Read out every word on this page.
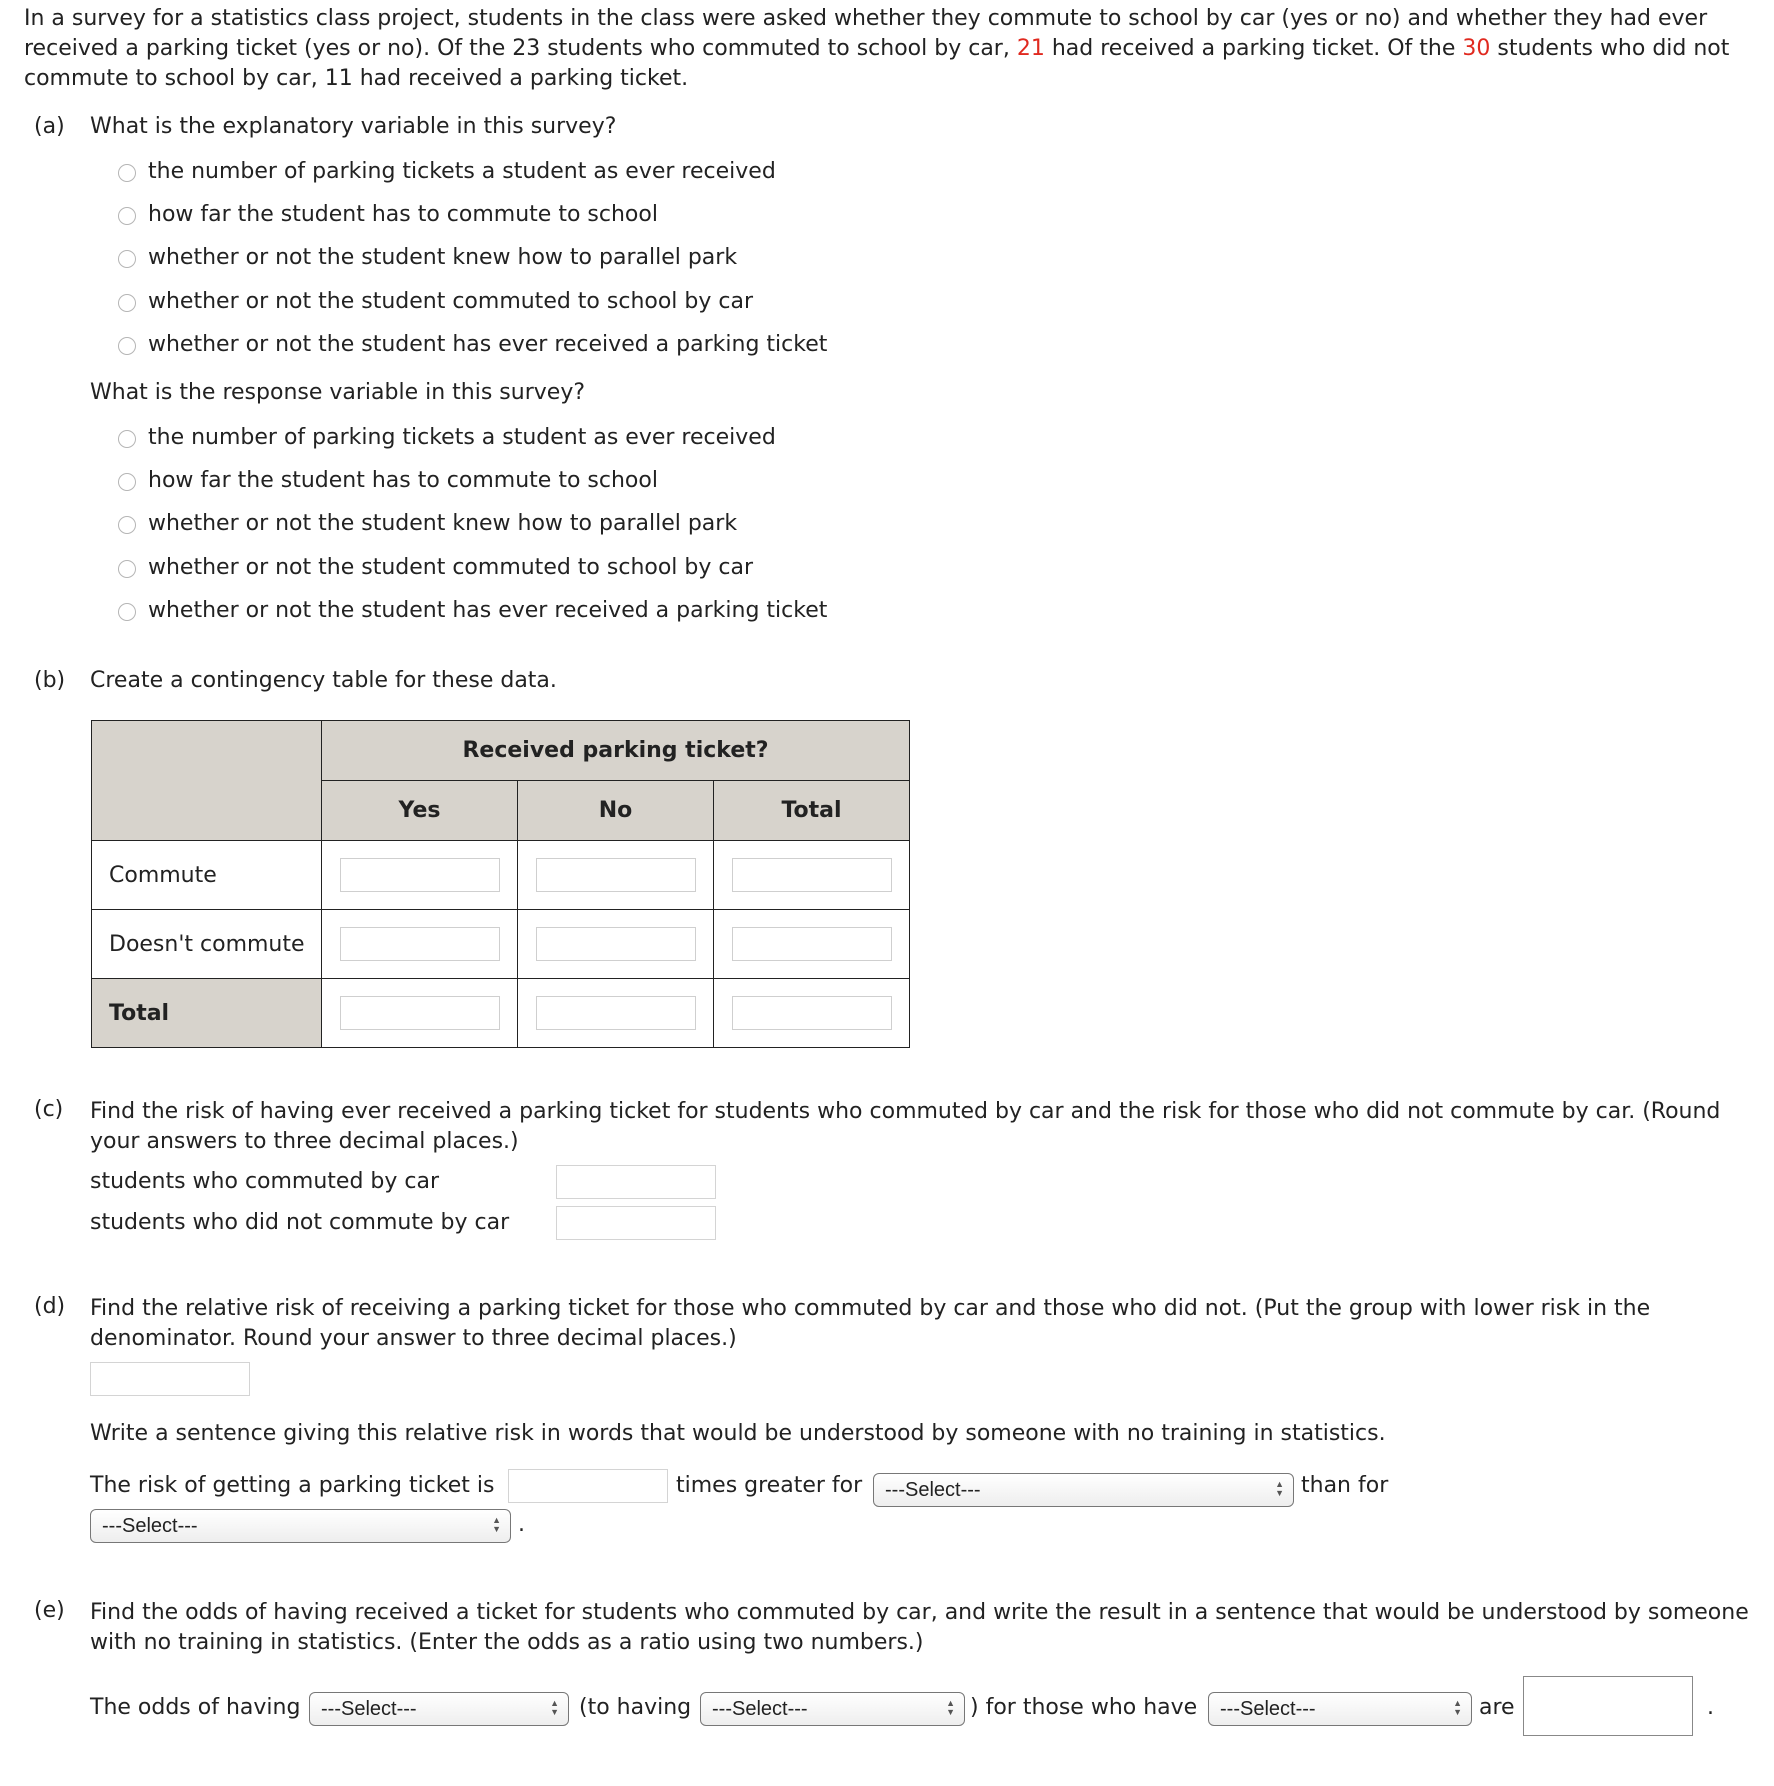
In a survey for a statistics class project, students in the class were asked whether they commute to school by car (yes or no) and whether they had ever received a parking ticket (yes or no). Of the 23 students who commuted to school by car, 21 had received a parking ticket. Of the 30 students who did not commute to school by car, 11 had received a parking ticket.
(a) What is the explanatory variable in this survey?
the number of parking tickets a student as ever received
how far the student has to commute to school
whether or not the student knew how to parallel park
whether or not the student commuted to school by car
whether or not the student has ever received a parking ticket
What is the response variable in this survey?
the number of parking tickets a student as ever received
how far the student has to commute to school
whether or not the student knew how to parallel park
whether or not the student commuted to school by car
whether or not the student has ever received a parking ticket
(b) Create a contingency table for these data.
	Received parking ticket?		
	Yes	No	Total
Commute	

Doesn't commute	

Total	

(c) Find the risk of having ever received a parking ticket for students who commuted by car and the risk for those who did not commute by car. (Round your answers to three decimal places.)
students who commuted by car
students who did not commute by car
(d) Find the relative risk of receiving a parking ticket for those who commuted by car and those who did not. (Put the group with lower risk in the denominator. Round your answer to three decimal places.)
Write a sentence giving this relative risk in words that would be understood by someone with no training in statistics.
The risk of getting a parking ticket is	times greater for ---Select---	▲
▼ than for
---Select---	▲
▼ .
(e) Find the odds of having received a ticket for students who commuted by car, and write the result in a sentence that would be understood by someone with no training in statistics. (Enter the odds as a ratio using two numbers.)
The odds of having ---Select---	▲
▼ (to having ---Select---	▲
▼ ) for those who have ---Select---	▲
▼ are	.
